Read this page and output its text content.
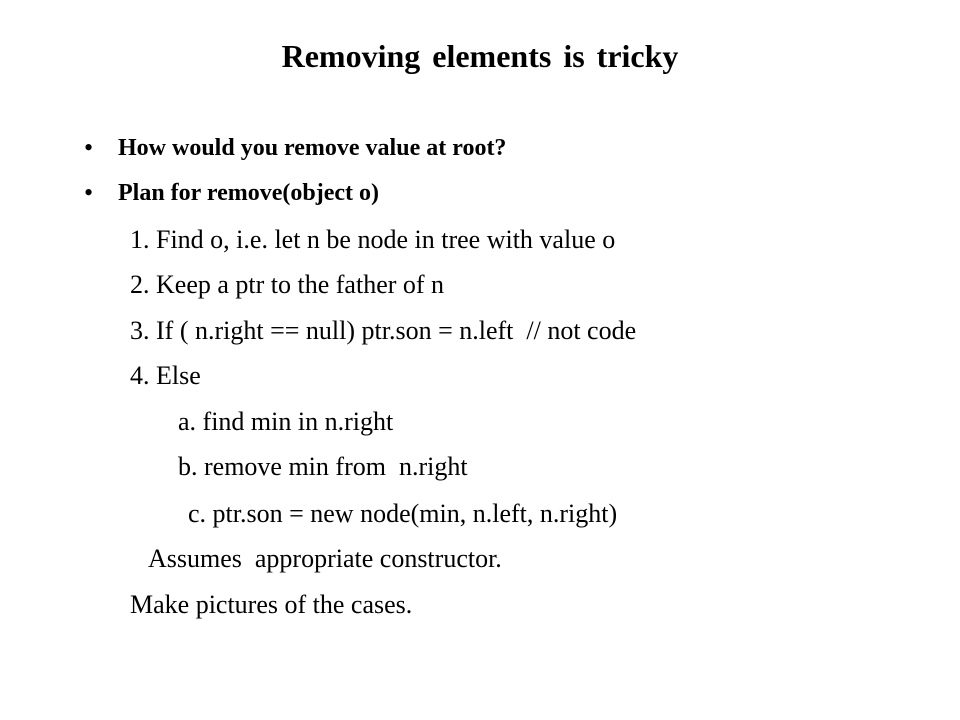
Removing elements is tricky
• How would you remove value at root?
• Plan for remove(object o)
1. Find o, i.e. let n be node in tree with value o
2. Keep a ptr to the father of n
3. If ( n.right == null) ptr.son = n.left  // not code
4. Else
a. find min in n.right
b. remove min from  n.right
c. ptr.son = new node(min, n.left, n.right)
Assumes  appropriate constructor.
Make pictures of the cases.
